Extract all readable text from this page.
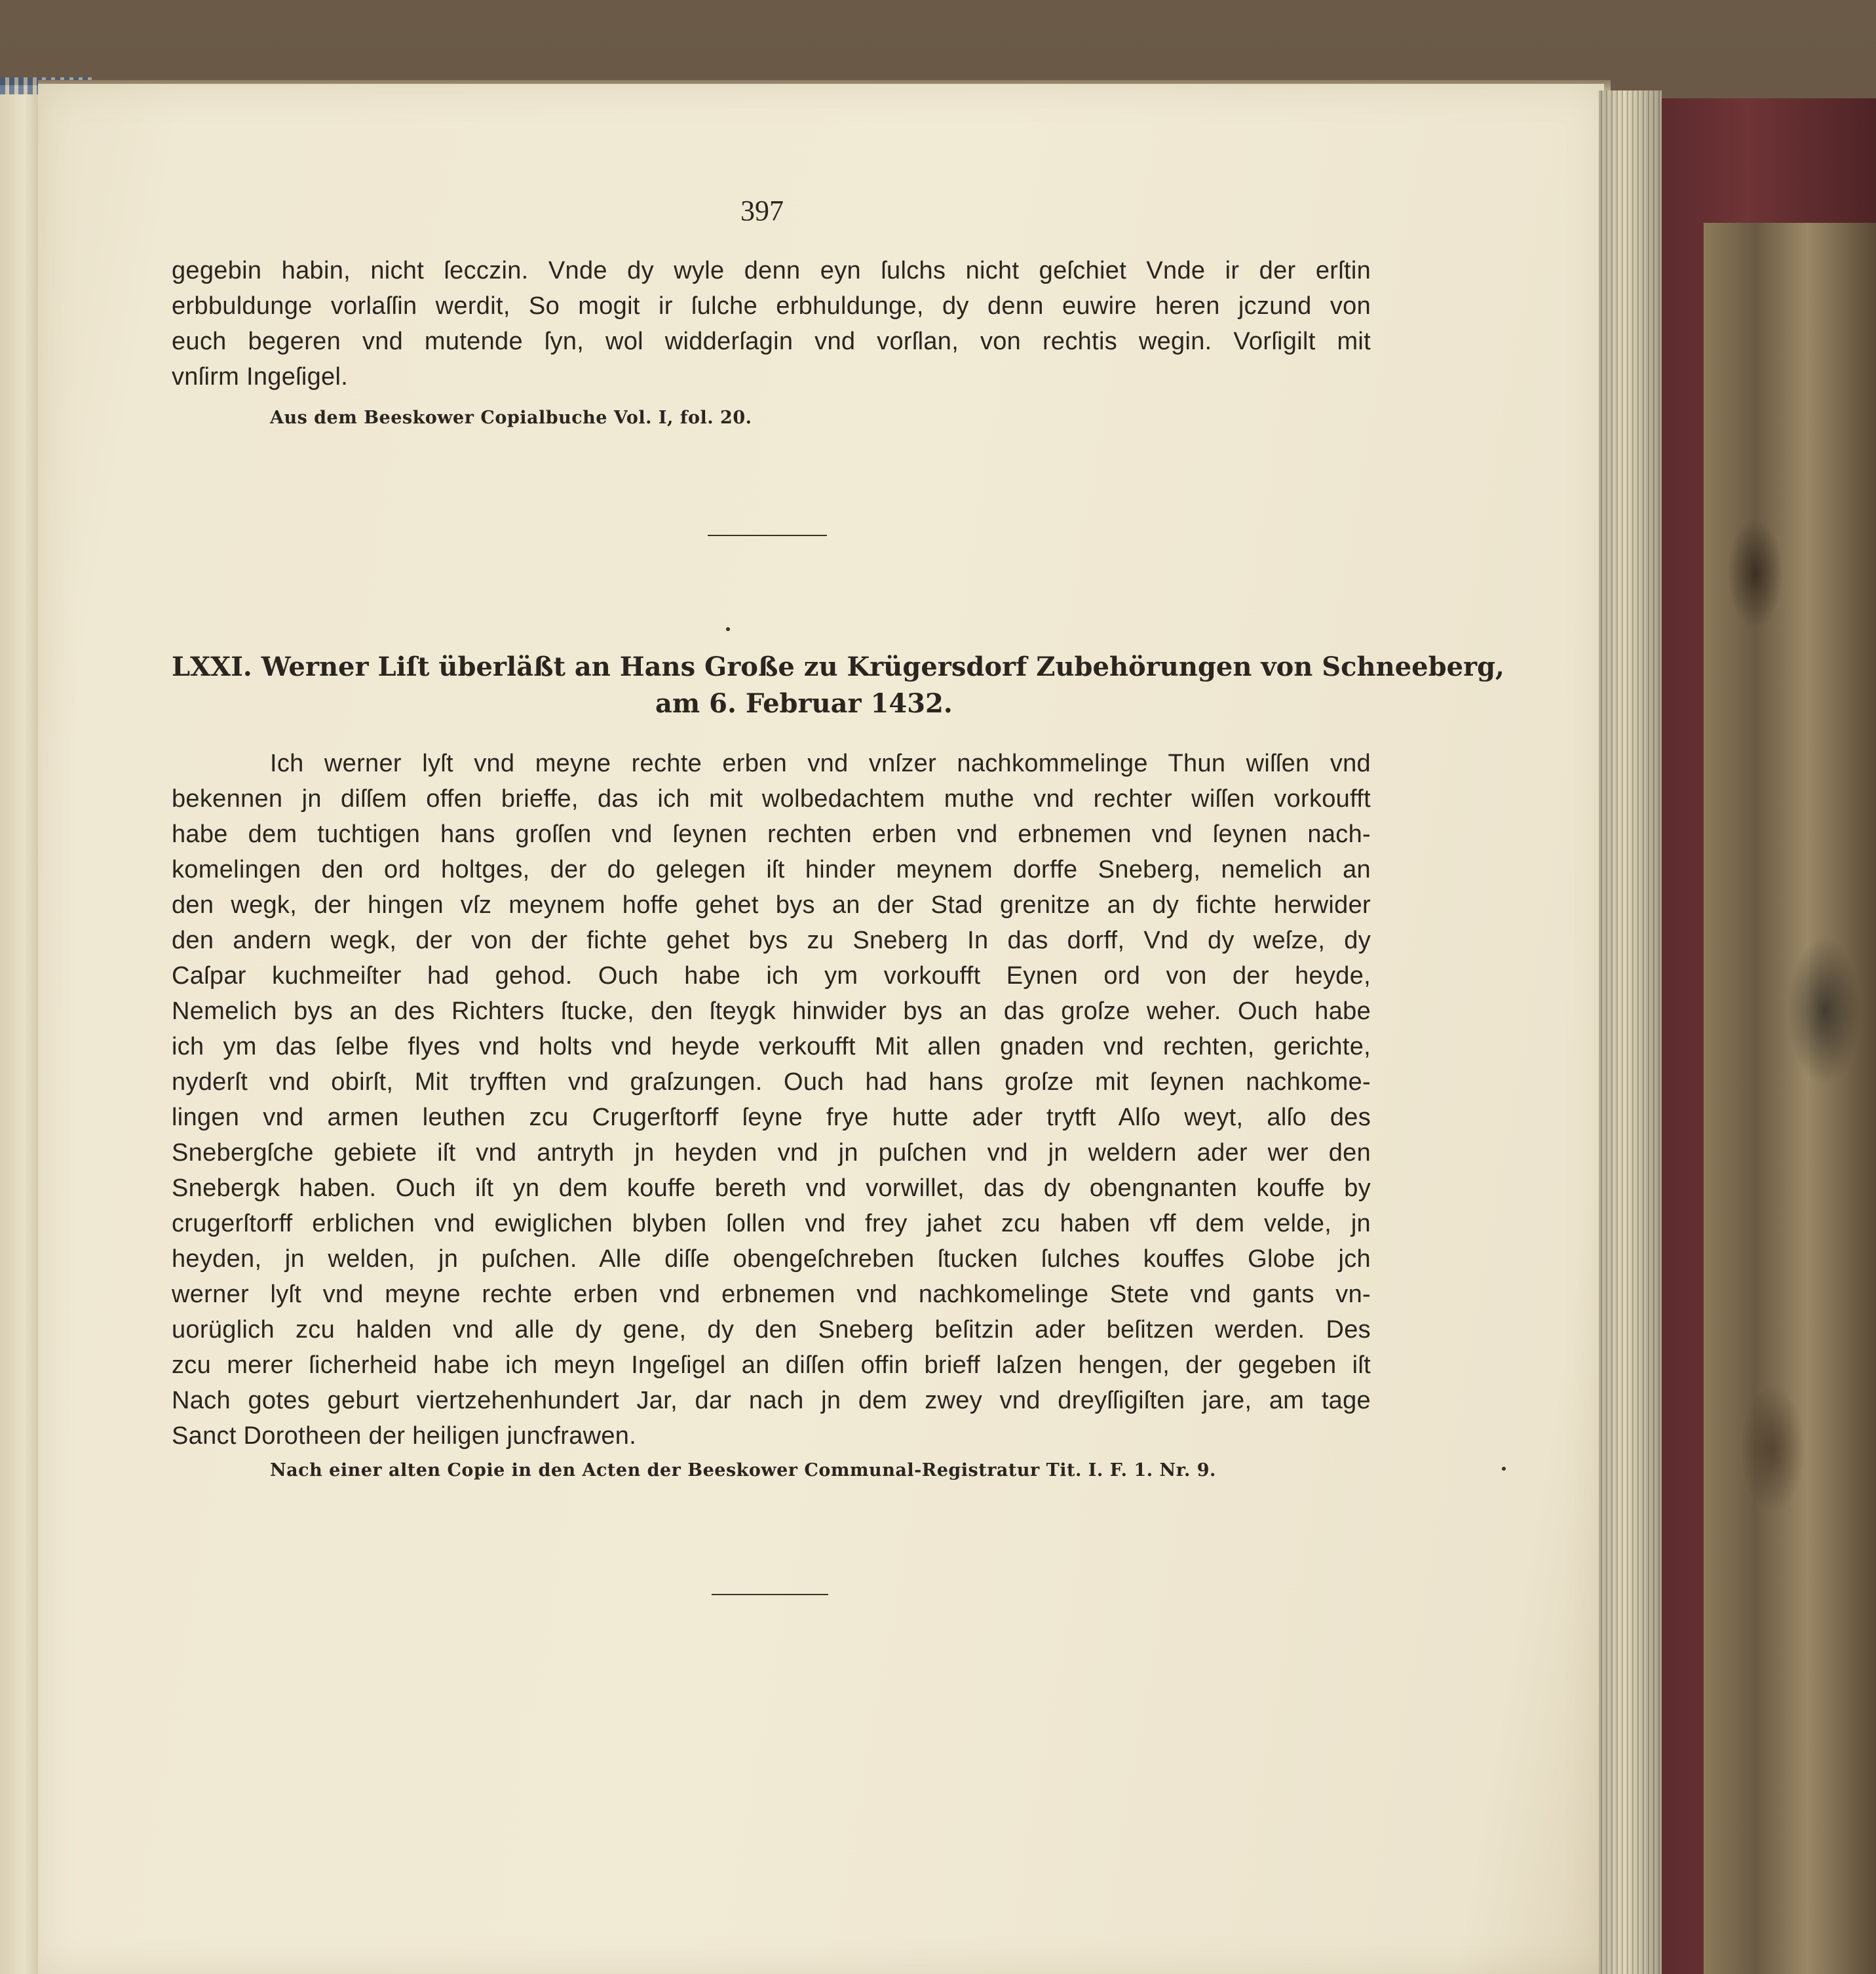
397
gegebin habin, nicht ſecczin. Vnde dy wyle denn eyn ſulchs nicht geſchiet Vnde ir der erſtin
erbbuldunge vorlaſſin werdit, So mogit ir ſulche erbhuldunge, dy denn euwire heren jczund von
euch begeren vnd mutende ſyn, wol widderſagin vnd vorſlan, von rechtis wegin. Vorſigilt mit
vnſirm Ingeſigel.
Aus dem Beeskower Copialbuche Vol. I, fol. 20.
LXXI. Werner Liſt überläßt an Hans Große zu Krügersdorf Zubehörungen von Schneeberg,
am 6. Februar 1432.
Ich werner lyſt vnd meyne rechte erben vnd vnſzer nachkommelinge Thun wiſſen vnd
bekennen jn diſſem offen brieffe, das ich mit wolbedachtem muthe vnd rechter wiſſen vorkoufft
habe dem tuchtigen hans groſſen vnd ſeynen rechten erben vnd erbnemen vnd ſeynen nach-
komelingen den ord holtges, der do gelegen iſt hinder meynem dorffe Sneberg, nemelich an
den wegk, der hingen vſz meynem hoffe gehet bys an der Stad grenitze an dy fichte herwider
den andern wegk, der von der fichte gehet bys zu Sneberg In das dorff, Vnd dy weſze, dy
Caſpar kuchmeiſter had gehod. Ouch habe ich ym vorkoufft Eynen ord von der heyde,
Nemelich bys an des Richters ſtucke, den ſteygk hinwider bys an das groſze weher. Ouch habe
ich ym das ſelbe flyes vnd holts vnd heyde verkoufft Mit allen gnaden vnd rechten, gerichte,
nyderſt vnd obirſt, Mit tryfften vnd graſzungen. Ouch had hans groſze mit ſeynen nachkome-
lingen vnd armen leuthen zcu Crugerſtorff ſeyne frye hutte ader trytft Alſo weyt, alſo des
Snebergſche gebiete iſt vnd antryth jn heyden vnd jn puſchen vnd jn weldern ader wer den
Snebergk haben. Ouch iſt yn dem kouffe bereth vnd vorwillet, das dy obengnanten kouffe by
crugerſtorff erblichen vnd ewiglichen blyben ſollen vnd frey jahet zcu haben vff dem velde, jn
heyden, jn welden, jn puſchen. Alle diſſe obengeſchreben ſtucken ſulches kouffes Globe jch
werner lyſt vnd meyne rechte erben vnd erbnemen vnd nachkomelinge Stete vnd gants vn-
uorüglich zcu halden vnd alle dy gene, dy den Sneberg beſitzin ader beſitzen werden. Des
zcu merer ſicherheid habe ich meyn Ingeſigel an diſſen offin brieff laſzen hengen, der gegeben iſt
Nach gotes geburt viertzehenhundert Jar, dar nach jn dem zwey vnd dreyſſigiſten jare, am tage
Sanct Dorotheen der heiligen juncfrawen.
Nach einer alten Copie in den Acten der Beeskower Communal-Registratur Tit. I. F. 1. Nr. 9.
